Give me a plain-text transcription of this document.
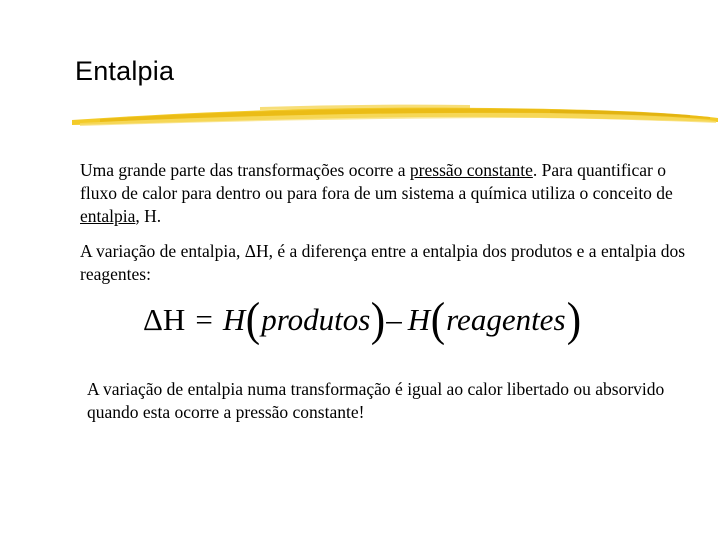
Entalpia

Uma grande parte das transformações ocorre a pressão constante. Para quantificar o fluxo de calor para dentro ou para fora de um sistema a química utiliza o conceito de entalpia, H.

A variação de entalpia, ΔH, é a diferença entre a entalpia dos produtos e a entalpia dos reagentes:

ΔH = H(produtos)– H(reagentes)

A variação de entalpia numa transformação é igual ao calor libertado ou absorvido quando esta ocorre a pressão constante!
